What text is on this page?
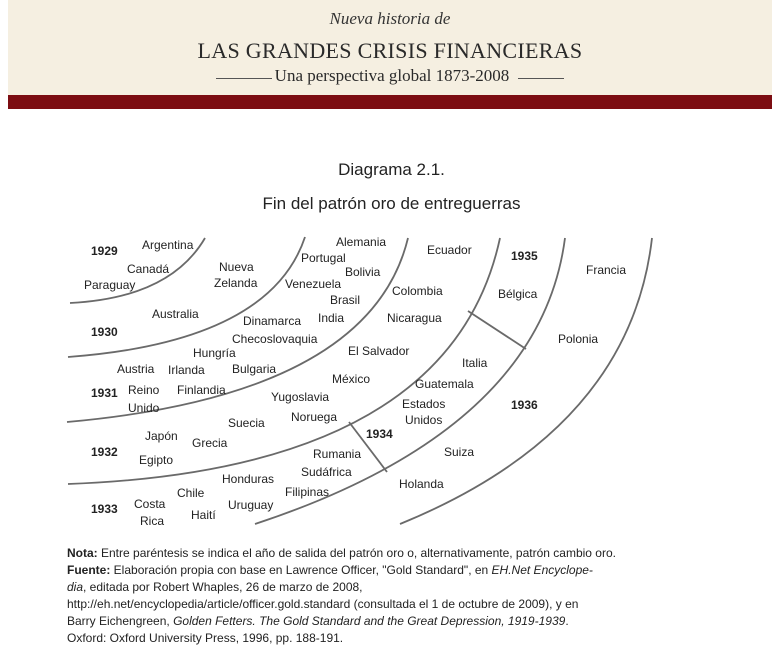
Nueva historia de
LAS GRANDES CRISIS FINANCIERAS
Una perspectiva global 1873-2008
Diagrama 2.1.
Fin del patrón oro de entreguerras
1929
1930
1931
1932
1933
1934
1935
1936
Argentina
Canadá
Paraguay
Australia
Nueva
Zelanda
Alemania
Portugal
Bolivia
Venezuela
Brasil
India
Dinamarca
Checoslovaquia
Hungría
Austria Irlanda Bulgaria
Reino
Unido
Finlandia	Yugoslavia
Noruega
Suecia
Japón Grecia
Egipto
Ecuador
Colombia
Nicaragua
El Salvador
México
Rumania
Sudáfrica
Filipinas
Honduras
Chile
Costa
Rica Haití
Uruguay
Bélgica
Italia
Guatemala
Estados
Unidos
Suiza
Holanda
Francia
Polonia

Nota: Entre paréntesis se indica el año de salida del patrón oro o, alternativamente, patrón cambio oro.

Fuente: Elaboración propia con base en Lawrence Officer, "Gold Standard", en EH.Net Encyclope-

dia, editada por Robert Whaples, 26 de marzo de 2008,

http://eh.net/encyclopedia/article/officer.gold.standard (consultada el 1 de octubre de 2009), y en

Barry Eichengreen, Golden Fetters. The Gold Standard and the Great Depression, 1919-1939.

Oxford: Oxford University Press, 1996, pp. 188-191.
